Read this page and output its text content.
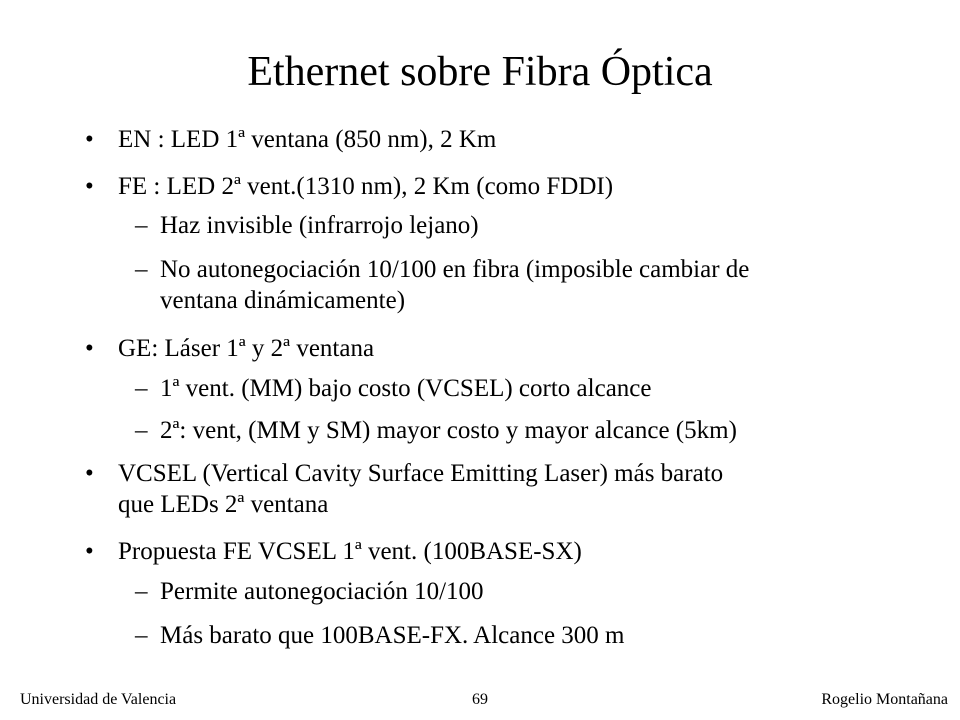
Ethernet sobre Fibra Óptica
• EN : LED 1ª ventana (850 nm), 2 Km
• FE : LED 2ª vent.(1310 nm), 2 Km (como FDDI)
– Haz invisible (infrarrojo lejano)
– No autonegociación 10/100 en fibra (imposible cambiar de
ventana dinámicamente)
• GE: Láser 1ª y 2ª ventana
– 1ª vent. (MM) bajo costo (VCSEL) corto alcance
– 2ª: vent, (MM y SM) mayor costo y mayor alcance (5km)
• VCSEL (Vertical Cavity Surface Emitting Laser) más barato
que LEDs 2ª ventana
• Propuesta FE VCSEL 1ª vent. (100BASE-SX)
– Permite autonegociación 10/100
– Más barato que 100BASE-FX. Alcance 300 m
Universidad de Valencia	69	Rogelio Montañana
